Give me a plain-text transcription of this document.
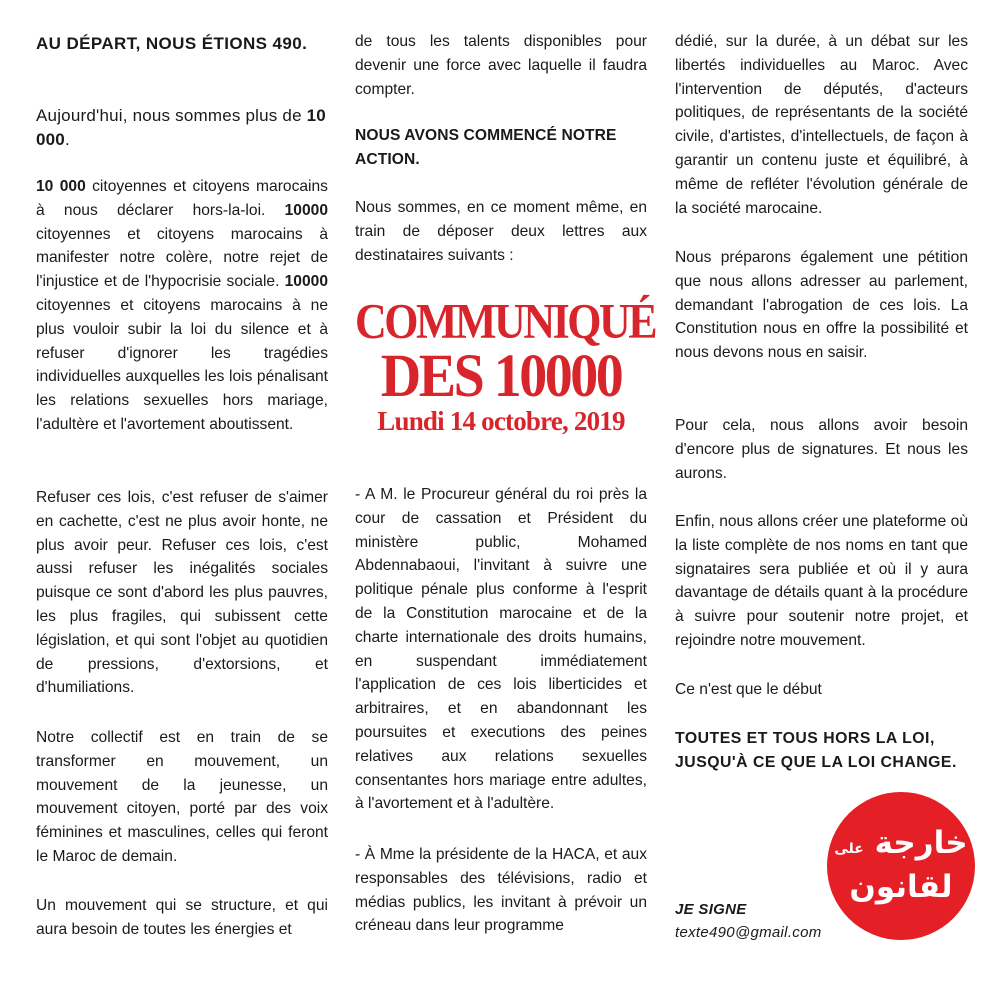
AU DÉPART, NOUS ÉTIONS 490.

Aujourd'hui, nous sommes plus de 10 000.

10 000 citoyennes et citoyens marocains à nous déclarer hors-la-loi. 10000 citoyennes et citoyens marocains à manifester notre colère, notre rejet de l'injustice et de l'hypocrisie sociale. 10000 citoyennes et citoyens marocains à ne plus vouloir subir la loi du silence et à refuser d'ignorer les tragédies individuelles auxquelles les lois pénalisant les relations sexuelles hors mariage, l'adultère et l'avortement aboutissent.

Refuser ces lois, c'est refuser de s'aimer en cachette, c'est ne plus avoir honte, ne plus avoir peur. Refuser ces lois, c'est aussi refuser les inégalités sociales puisque ce sont d'abord les plus pauvres, les plus fragiles, qui subissent cette législation, et qui sont l'objet au quotidien de pressions, d'extorsions, et d'humiliations.

Notre collectif est en train de se transformer en mouvement, un mouvement de la jeunesse, un mouvement citoyen, porté par des voix féminines et masculines, celles qui feront le Maroc de demain.

Un mouvement qui se structure, et qui aura besoin de toutes les énergies et

de tous les talents disponibles pour devenir une force avec laquelle il faudra compter.

NOUS AVONS COMMENCÉ NOTRE ACTION.

Nous sommes, en ce moment même, en train de déposer deux lettres aux destinataires suivants :

COMMUNIQUÉ
DES 10000
Lundi 14 octobre, 2019

- A M. le Procureur général du roi près la cour de cassation et Président du ministère public, Mohamed Abdennabaoui, l'invitant à suivre une politique pénale plus conforme à l'esprit de la Constitution marocaine et de la charte internationale des droits humains, en suspendant immédiatement l'application de ces lois liberticides et arbitraires, et en abandonnant les poursuites et executions des peines relatives aux relations sexuelles consentantes hors mariage entre adultes, à l'avortement et à l'adultère.

- À Mme la présidente de la HACA, et aux responsables des télévisions, radio et médias publics, les invitant à prévoir un créneau dans leur programme

dédié, sur la durée, à un débat sur les libertés individuelles au Maroc. Avec l'intervention de députés, d'acteurs politiques, de représentants de la société civile, d'artistes, d'intellectuels, de façon à garantir un contenu juste et équilibré, à même de refléter l'évolution générale de la société marocaine.

Nous préparons également une pétition que nous allons adresser au parlement, demandant l'abrogation de ces lois. La Constitution nous en offre la possibilité et nous devons nous en saisir.

Pour cela, nous allons avoir besoin d'encore plus de signatures. Et nous les aurons.

Enfin, nous allons créer une plateforme où la liste complète de nos noms en tant que signataires sera publiée et où il y aura davantage de détails quant à la procédure à suivre pour soutenir notre projet, et rejoindre notre mouvement.

Ce n'est que le début

TOUTES ET TOUS HORS LA LOI, JUSQU'À CE QUE LA LOI CHANGE.

JE SIGNE

texte490@gmail.com

خارجة على
لقانون
